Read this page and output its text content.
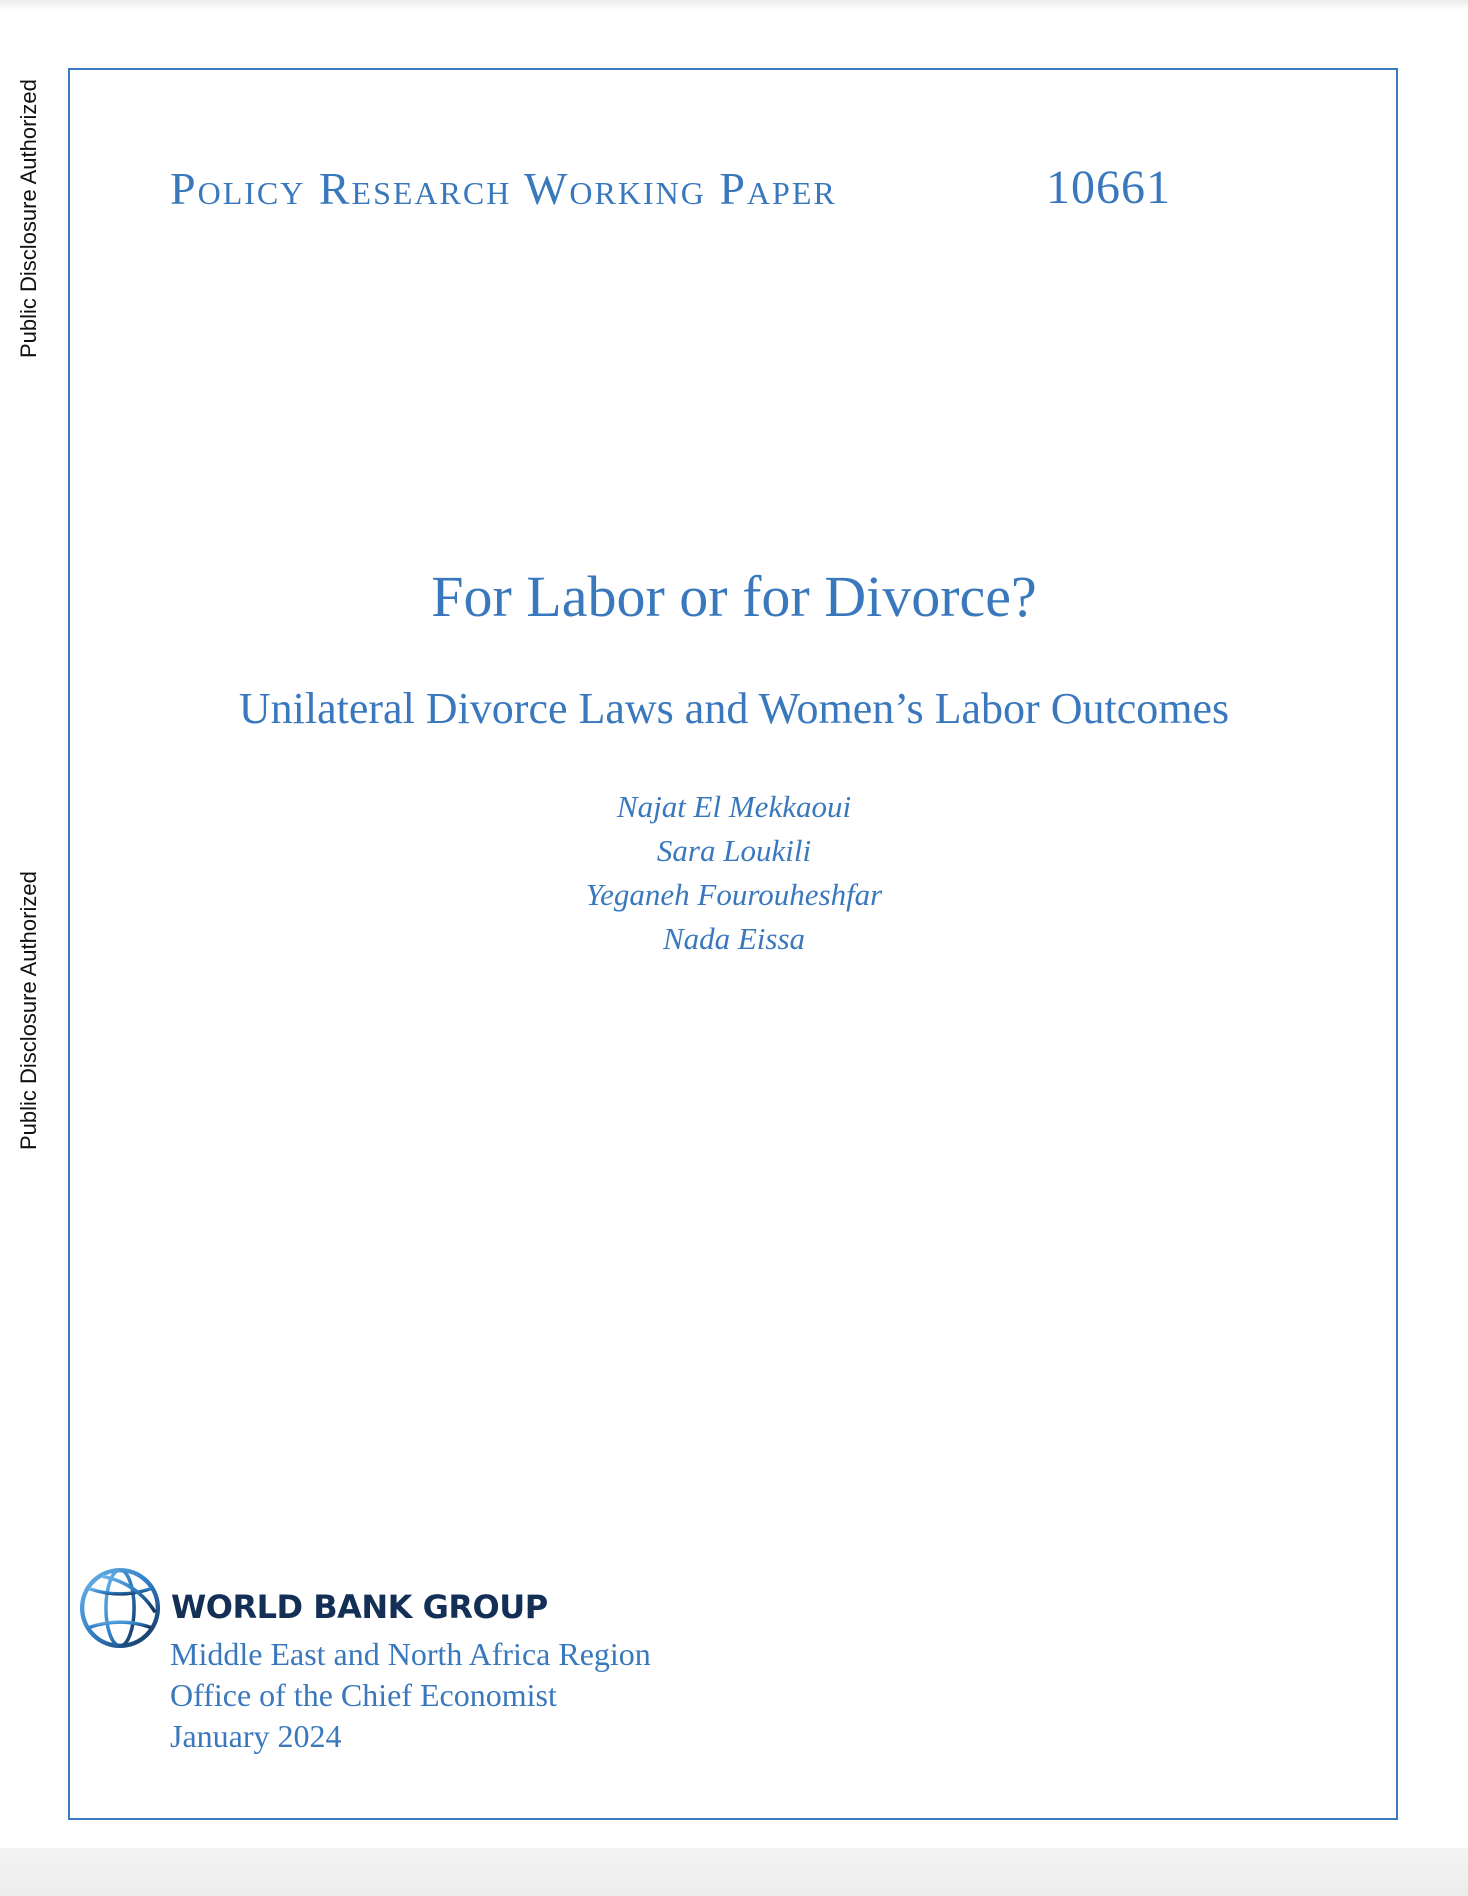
Public Disclosure Authorized
Public Disclosure Authorized
Policy Research Working Paper	10661
For Labor or for Divorce?
Unilateral Divorce Laws and Women’s Labor Outcomes
Najat El Mekkaoui
Sara Loukili
Yeganeh Fourouheshfar
Nada Eissa
WORLD BANK GROUP
Middle East and North Africa Region
Office of the Chief Economist
January 2024
